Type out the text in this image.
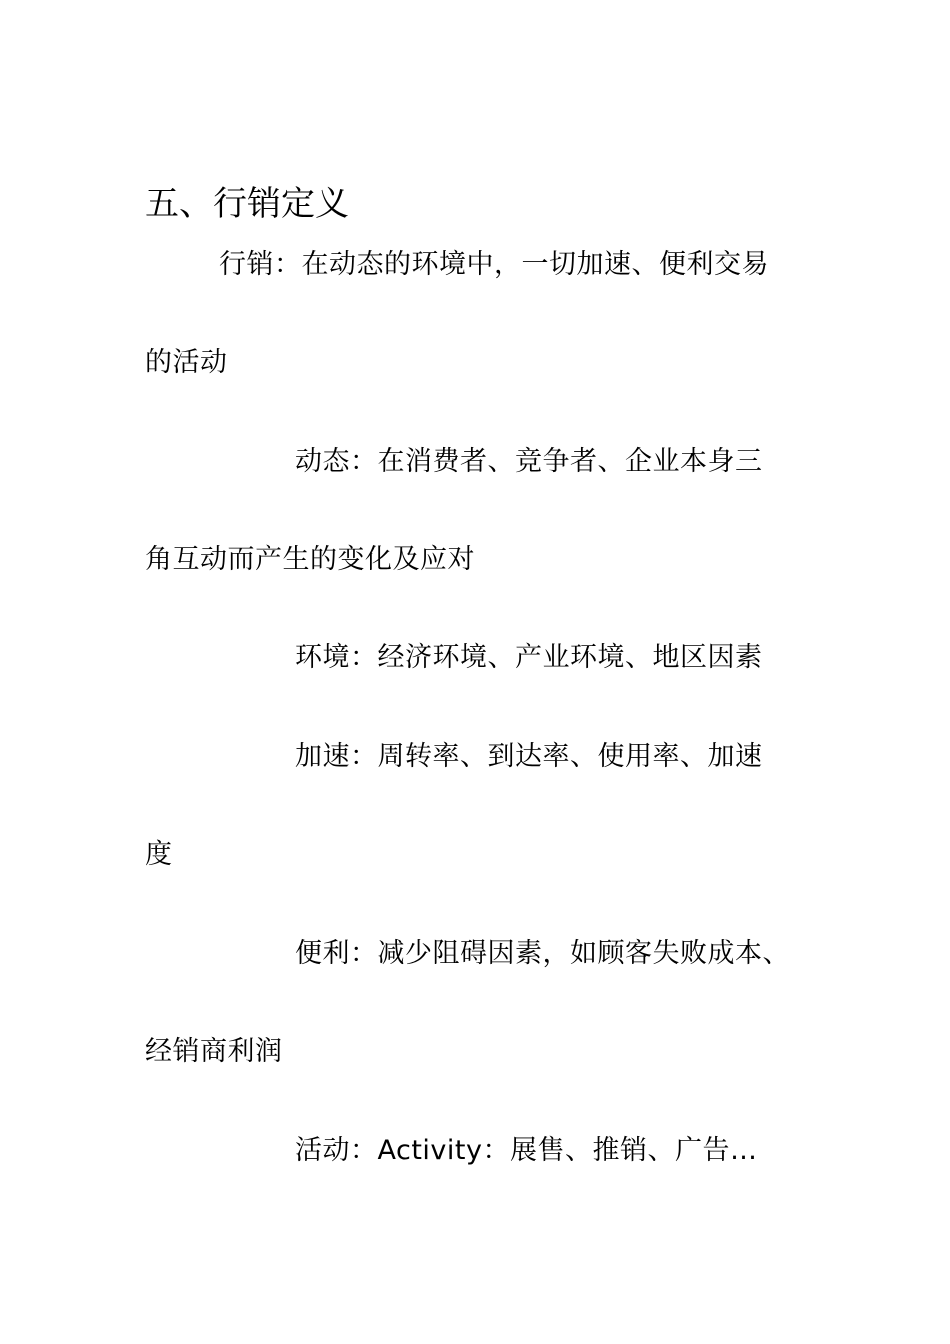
五、行销定义
行销：在动态的环境中，一切加速、便利交易
的活动
动态：在消费者、竞争者、企业本身三
角互动而产生的变化及应对
环境：经济环境、产业环境、地区因素
加速：周转率、到达率、使用率、加速
度
便利：减少阻碍因素，如顾客失败成本、
经销商利润
活动：Activity：展售、推销、广告…
